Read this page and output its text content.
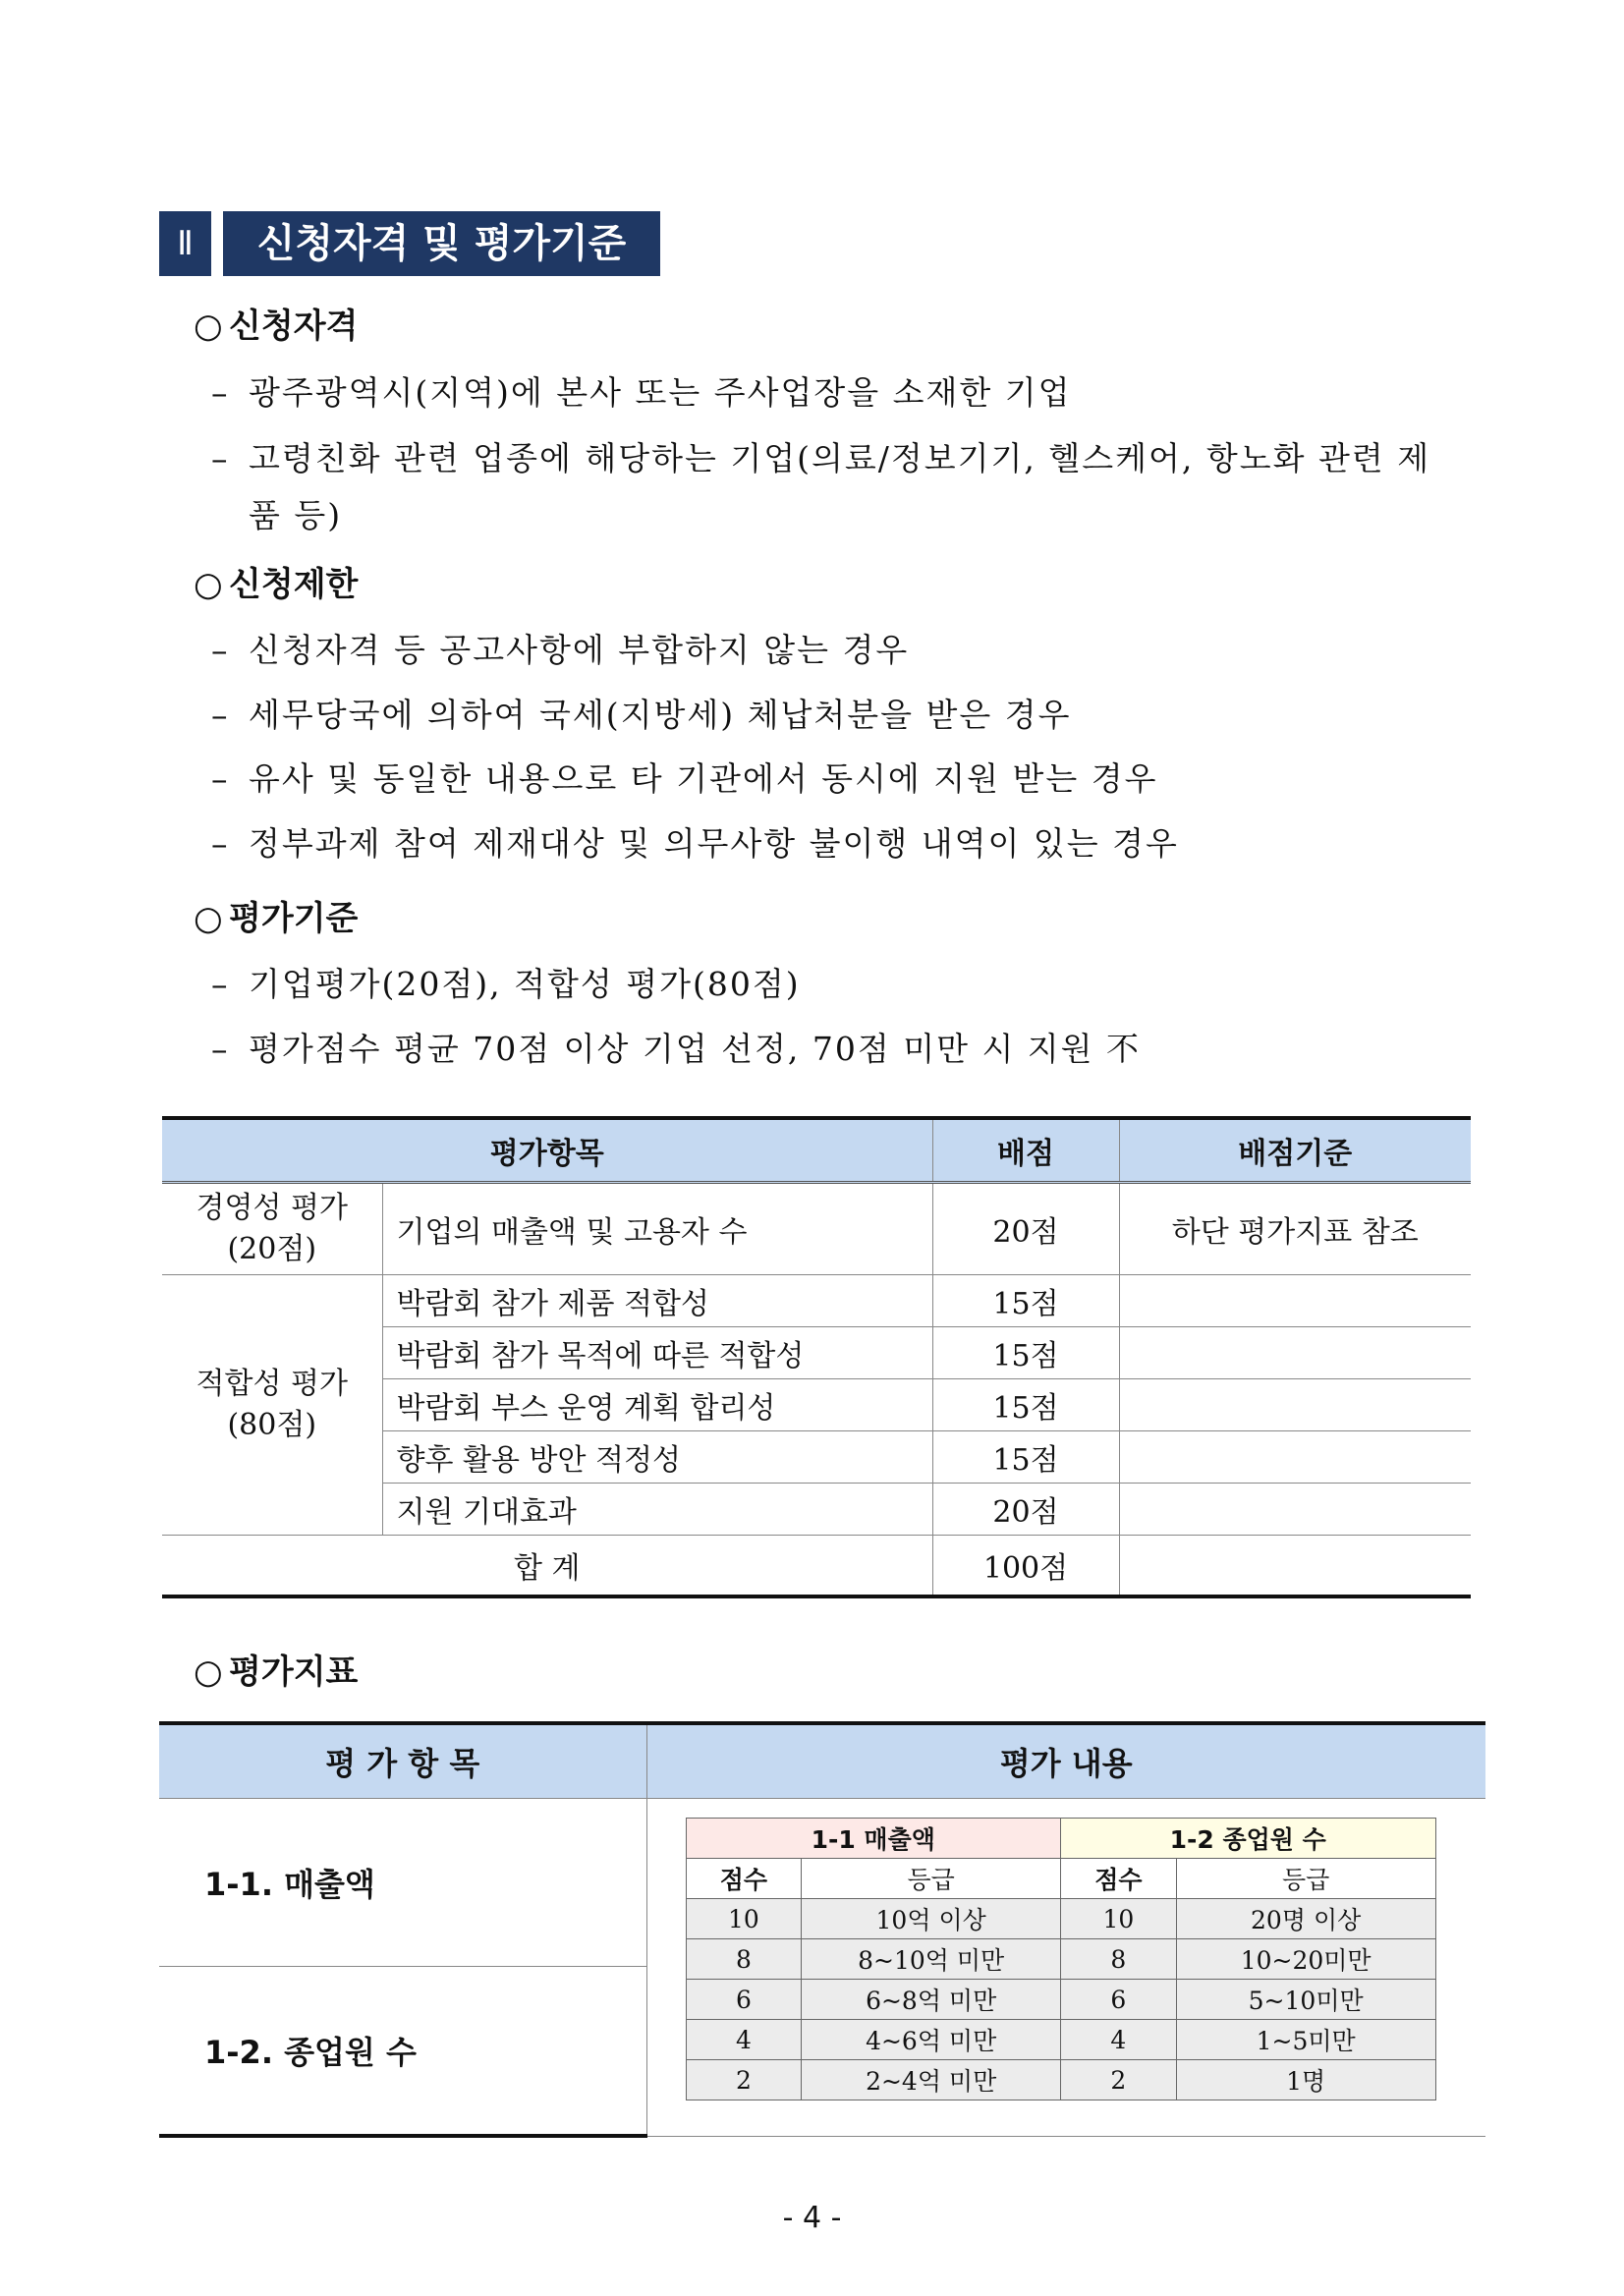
Ⅱ	신청자격 및 평가기준
○ 신청자격
– 광주광역시(지역)에 본사 또는 주사업장을 소재한 기업
– 고령친화 관련 업종에 해당하는 기업(의료/정보기기, 헬스케어, 항노화 관련 제
품 등)
○ 신청제한
– 신청자격 등 공고사항에 부합하지 않는 경우
– 세무당국에 의하여 국세(지방세) 체납처분을 받은 경우
– 유사 및 동일한 내용으로 타 기관에서 동시에 지원 받는 경우
– 정부과제 참여 제재대상 및 의무사항 불이행 내역이 있는 경우
○ 평가기준
– 기업평가(20점), 적합성 평가(80점)
– 평가점수 평균 70점 이상 기업 선정, 70점 미만 시 지원 不
평가항목		배점	배점기준

경영성 평가
(20점)	기업의 매출액 및 고용자 수	20점	하단 평가지표 참조

적합성 평가
(80점)	박람회 참가 제품 적합성	15점	
	박람회 참가 목적에 따른 적합성	15점	
	박람회 부스 운영 계획 합리성	15점	
	향후 활용 방안 적정성	15점	
	지원 기대효과	20점	
합 계		100점	
○ 평가지표
평 가 항 목	평가 내용
1-1. 매출액	
1-1 매출액	1-2 종업원 수
점수	등급	점수	등급
10	10억 이상	10	20명 이상
8	8~10억 미만	8	10~20미만
6	6~8억 미만	6	5~10미만
4	4~6억 미만	4	1~5미만
2	2~4억 미만	2	1명

1-2. 종업원 수
- 4 -
